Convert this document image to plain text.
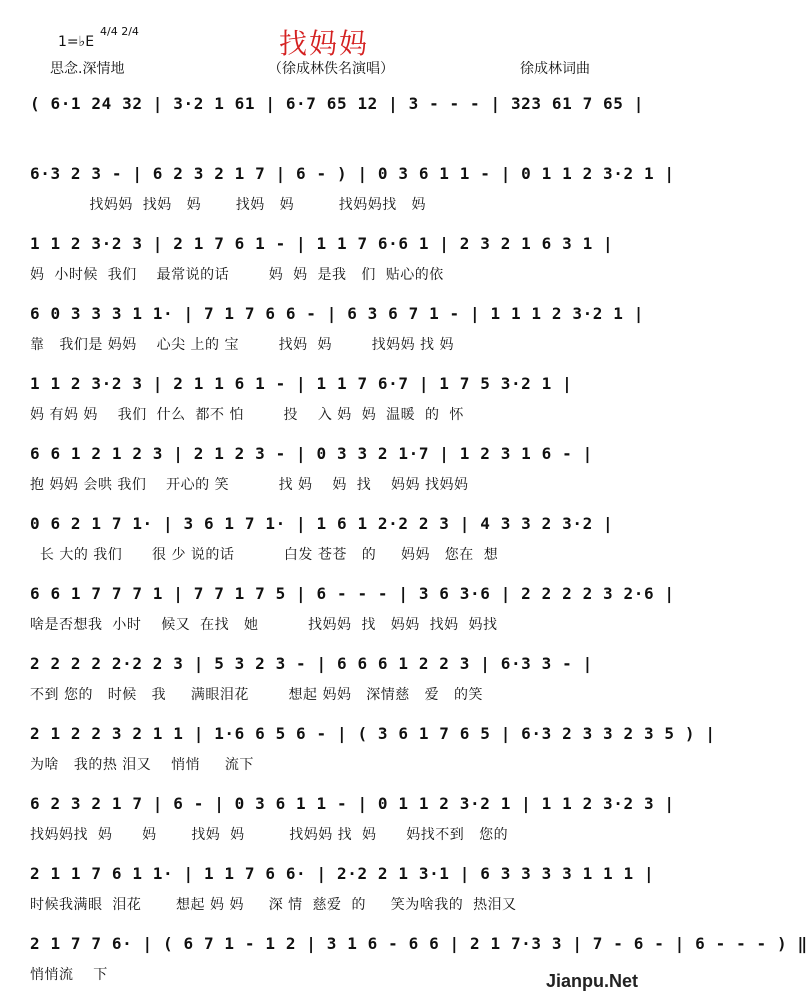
找妈妈
1=♭E
4/4 2/4
思念.深情地	（徐成林佚名演唱）	徐成林词曲
( 6·1 24 32 | 3·2 1 61 | 6·7 65 12 | 3 - - - | 323 61 7 65 |
6·3 2 3 - | 6 2 3 2 1 7 | 6 - ) | 0 3 6 1 1 - | 0 1 1 2 3·2 1 |
找妈妈  找妈   妈       找妈   妈         找妈妈找   妈
1 1 2 3·2 3 | 2 1 7 6 1 - | 1 1 7 6·6 1 | 2 3 2 1 6 3 1 |
妈  小时候  我们    最常说的话        妈  妈  是我   们  贴心的依
6 0 3 3 3 1 1· | 7 1 7 6 6 - | 6 3 6 7 1 - | 1 1 1 2 3·2 1 |
靠   我们是 妈妈    心尖 上的 宝        找妈  妈        找妈妈 找 妈
1 1 2 3·2 3 | 2 1 1 6 1 - | 1 1 7 6·7 | 1 7 5 3·2 1 |
妈 有妈 妈    我们  什么  都不 怕        投    入 妈  妈  温暖  的  怀
6 6 1 2 1 2 3 | 2 1 2 3 - | 0 3 3 2 1·7 | 1 2 3 1 6 - |
抱 妈妈 会哄 我们    开心的 笑          找 妈    妈  找    妈妈 找妈妈
0 6 2 1 7 1· | 3 6 1 7 1· | 1 6 1 2·2 2 3 | 4 3 3 2 3·2 |
长 大的 我们      很 少 说的话          白发 苍苍   的     妈妈   您在  想
6 6 1 7 7 7 1 | 7 7 1 7 5 | 6 - - - | 3 6 3·6 | 2 2 2 2 3 2·6 |
啥是否想我  小时    候又  在找   她          找妈妈  找   妈妈  找妈  妈找
2 2 2 2 2·2 2 3 | 5 3 2 3 - | 6 6 6 1 2 2 3 | 6·3 3 - |
不到 您的   时候   我     满眼泪花        想起 妈妈   深情慈   爱   的笑
2 1 2 2 3 2 1 1 | 1·6 6 5 6 - | ( 3 6 1 7 6 5 | 6·3 2 3 3 2 3 5 ) |
为啥   我的热 泪又    悄悄     流下
6 2 3 2 1 7 | 6 - | 0 3 6 1 1 - | 0 1 1 2 3·2 1 | 1 1 2 3·2 3 |
找妈妈找  妈      妈       找妈  妈         找妈妈 找  妈      妈找不到   您的
2 1 1 7 6 1 1· | 1 1 7 6 6· | 2·2 2 1 3·1 | 6 3 3 3 3 1 1 1 |
时候我满眼  泪花       想起 妈 妈     深 情  慈爱  的     笑为啥我的  热泪又
2 1 7 7 6· | ( 6 7 1 - 1 2 | 3 1 6 - 6 6 | 2 1 7·3 3 | 7 - 6 - | 6 - - - ) ‖
悄悄流    下	Jianpu.Net
